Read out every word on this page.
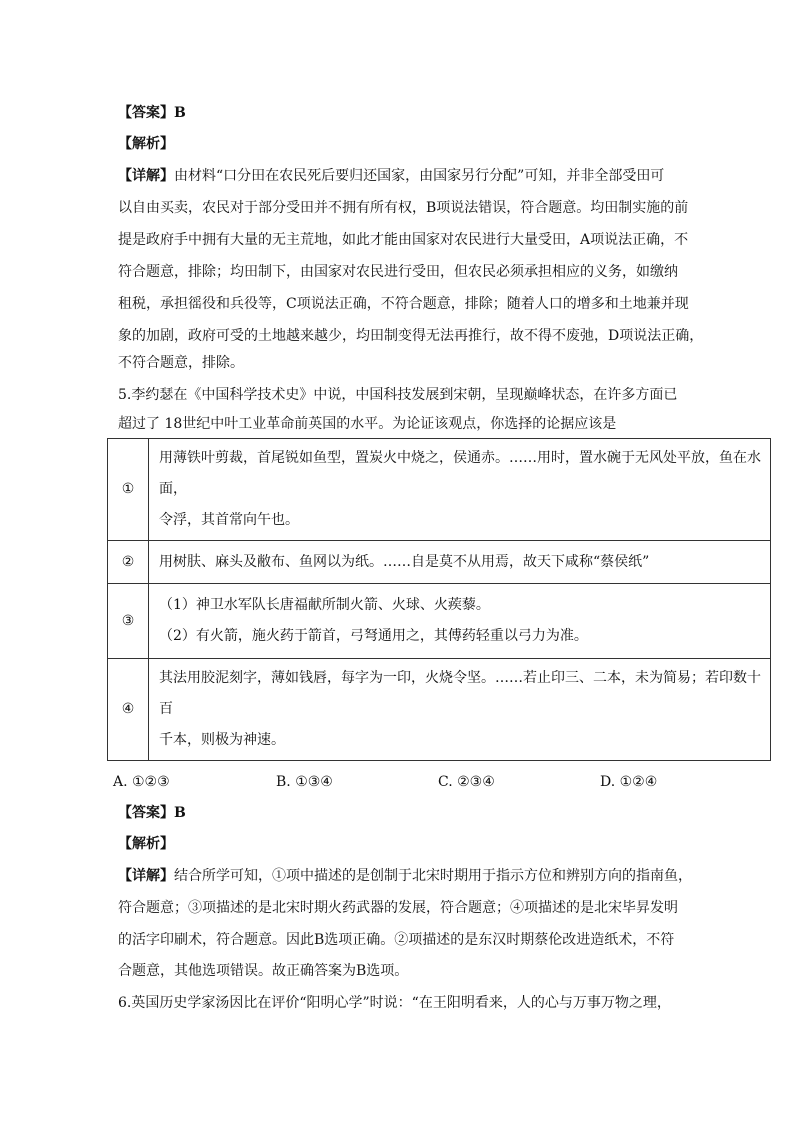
【答案】B
【解析】
【详解】由材料“口分田在农民死后要归还国家，由国家另行分配”可知，并非全部受田可
以自由买卖，农民对于部分受田并不拥有所有权，B项说法错误，符合题意。均田制实施的前
提是政府手中拥有大量的无主荒地，如此才能由国家对农民进行大量受田，A项说法正确，不
符合题意，排除；均田制下，由国家对农民进行受田，但农民必须承担相应的义务，如缴纳
租税，承担徭役和兵役等，C项说法正确，不符合题意，排除；随着人口的增多和土地兼并现
象的加剧，政府可受的土地越来越少，均田制变得无法再推行，故不得不废弛，D项说法正确，
不符合题意，排除。
5.李约瑟在《中国科学技术史》中说，中国科技发展到宋朝，呈现巅峰状态，在许多方面已
超过了 18世纪中叶工业革命前英国的水平。为论证该观点，你选择的论据应该是
①	用薄铁叶剪裁，首尾锐如鱼型，置炭火中烧之，侯通赤。……用时，置水碗于无风处平放，鱼在水面，
令浮，其首常向午也。

②	用树肤、麻头及敝布、鱼网以为纸。……自是莫不从用焉，故天下咸称“蔡侯纸”

③	（1）神卫水军队长唐福献所制火箭、火球、火蒺藜。
（2）有火箭，施火药于箭首，弓弩通用之，其傅药轻重以弓力为准。

④	其法用胶泥刻字，薄如钱唇，每字为一印，火烧令坚。……若止印三、二本，未为简易；若印数十百
千本，则极为神速。
A. ①②③	B. ①③④	C. ②③④	D. ①②④
【答案】B
【解析】
【详解】结合所学可知，①项中描述的是创制于北宋时期用于指示方位和辨别方向的指南鱼，
符合题意；③项描述的是北宋时期火药武器的发展，符合题意；④项描述的是北宋毕昇发明
的活字印刷术，符合题意。因此B选项正确。②项描述的是东汉时期蔡伦改进造纸术，不符
合题意，其他选项错误。故正确答案为B选项。
6.英国历史学家汤因比在评价“阳明心学”时说：“在王阳明看来，人的心与万事万物之理，
